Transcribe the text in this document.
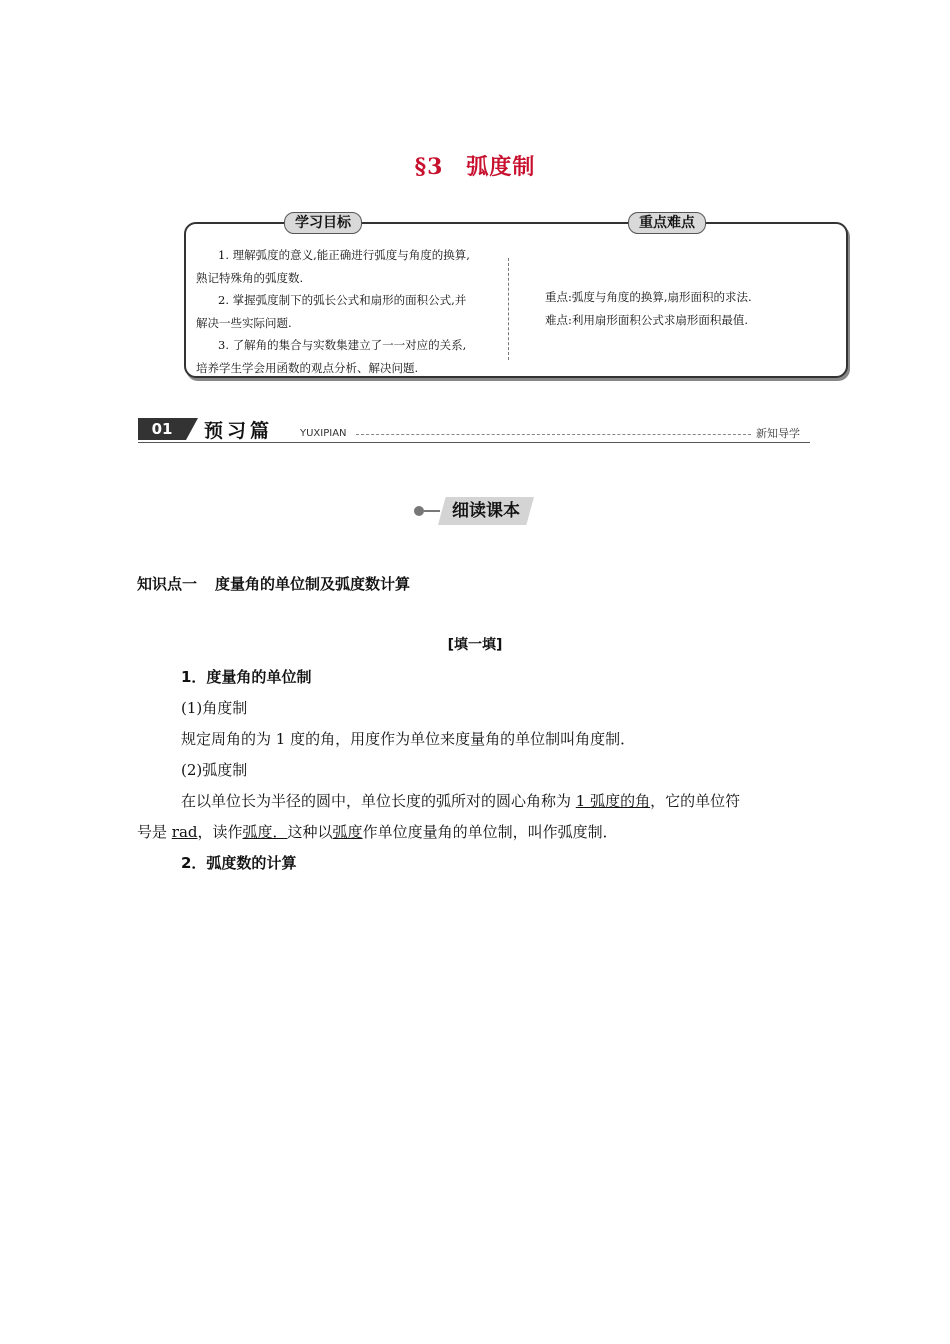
§3　弧度制
学习目标	重点难点

1. 理解弧度的意义,能正确进行弧度与角度的换算,

熟记特殊角的弧度数.

2. 掌握弧度制下的弧长公式和扇形的面积公式,并

解决一些实际问题.

3. 了解角的集合与实数集建立了一一对应的关系,

培养学生学会用函数的观点分析、解决问题.

重点:弧度与角度的换算,扇形面积的求法.

难点:利用扇形面积公式求扇形面积最值.

01	预习篇	YUXIPIAN	新知导学
细读课本
知识点一 度量角的单位制及弧度数计算
[填一填]

1．度量角的单位制

(1)角度制

规定周角的为 1 度的角，用度作为单位来度量角的单位制叫角度制．

(2)弧度制

在以单位长为半径的圆中，单位长度的弧所对的圆心角称为 1 弧度的角，它的单位符

号是 rad，读作弧度．这种以弧度作单位度量角的单位制，叫作弧度制．

2．弧度数的计算
